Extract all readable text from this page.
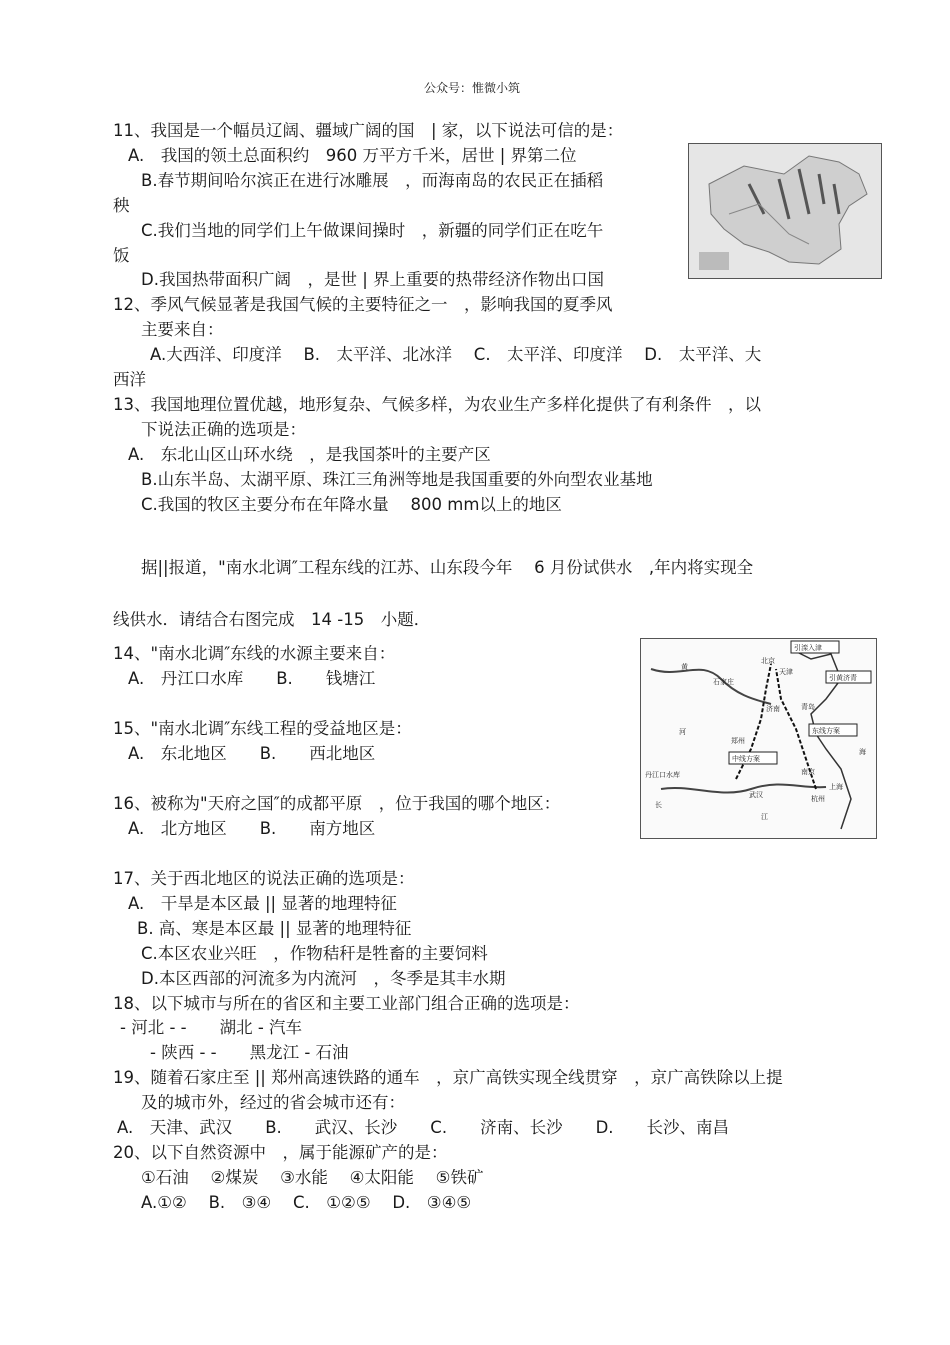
公众号：惟微小筑
11、我国是一个幅员辽阔、疆域广阔的国　| 家，以下说法可信的是：
A.　我国的领土总面积约　960 万平方千米，居世 | 界第二位
B.春节期间哈尔滨正在进行冰雕展　，而海南岛的农民正在插稻
秧
C.我们当地的同学们上午做课间操时　，新疆的同学们正在吃午
饭
D.我国热带面积广阔　，是世 | 界上重要的热带经济作物出口国
12、季风气候显著是我国气候的主要特征之一　，影响我国的夏季风
主要来自：
A.大西洋、印度洋　 B.　太平洋、北冰洋　 C.　太平洋、印度洋　 D.　太平洋、大
西洋
13、我国地理位置优越，地形复杂、气候多样，为农业生产多样化提供了有利条件　，以
下说法正确的选项是：
A.　东北山区山环水绕　，是我国茶叶的主要产区
B.山东半岛、太湖平原、珠江三角洲等地是我国重要的外向型农业基地
C.我国的牧区主要分布在年降水量　 800 mm以上的地区
据||报道，"南水北调″工程东线的江苏、山东段今年　 6 月份试供水　,年内将实现全
线供水．请结合右图完成　14 -15　小题．
14、"南水北调″东线的水源主要来自：
A.　丹江口水库　　B.　　钱塘江
15、"南水北调″东线工程的受益地区是：
A.　东北地区　　B.　　西北地区
16、被称为"天府之国″的成都平原　，位于我国的哪个地区：
A.　北方地区　　B.　　南方地区
引滦入津
引黄济青
东线方案
中线方案
北京
天津
石家庄
郑州
武汉
济南	青岛
上海
杭州
南京
丹江口水库
黄
河
长
江
海
17、关于西北地区的说法正确的选项是：
A.　干旱是本区最 || 显著的地理特征
B. 高、寒是本区最 || 显著的地理特征
C.本区农业兴旺　，作物秸秆是牲畜的主要饲料
D.本区西部的河流多为内流河　，冬季是其丰水期
18、以下城市与所在的省区和主要工业部门组合正确的选项是：
- 河北 - -　　湖北 - 汽车
- 陕西 - -　　黑龙江 - 石油
19、随着石家庄至 || 郑州高速铁路的通车　，京广高铁实现全线贯穿　，京广高铁除以上提
及的城市外，经过的省会城市还有：
A.　天津、武汉　　B.　　武汉、长沙　　C.　　济南、长沙　　D.　　长沙、南昌
20、以下自然资源中　，属于能源矿产的是：
①石油　 ②煤炭　 ③水能　 ④太阳能　 ⑤铁矿
A.①②　 B.　③④　 C.　①②⑤　 D.　③④⑤
